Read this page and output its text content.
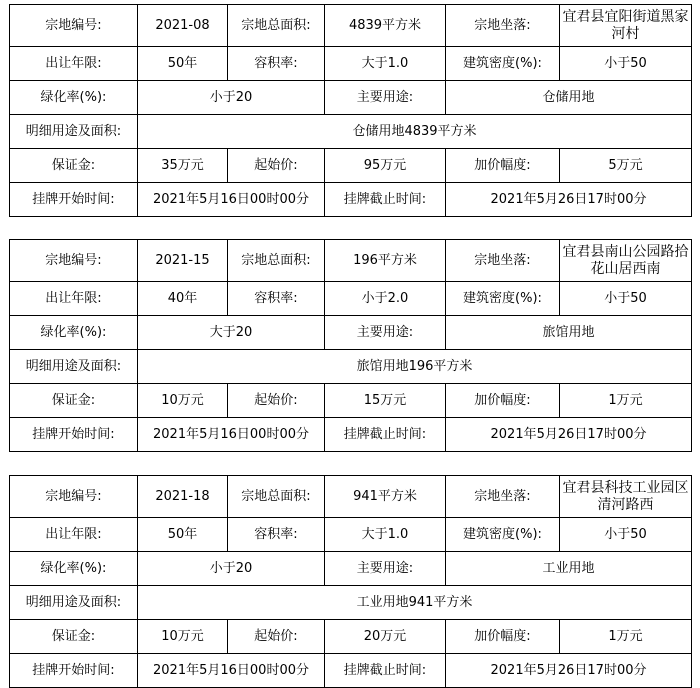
宗地编号:	2021-08	宗地总面积:	4839平方米	宗地坐落:	宜君县宜阳街道黑家河村
出让年限:	50年	容积率:	大于1.0	建筑密度(%):	小于50
绿化率(%):	小于20		主要用途:	仓储用地	
明细用途及面积:	仓储用地4839平方米				
保证金:	35万元	起始价:	95万元	加价幅度:	5万元
挂牌开始时间:	2021年5月16日00时00分		挂牌截止时间:	2021年5月26日17时00分	
宗地编号:	2021-15	宗地总面积:	196平方米	宗地坐落:	宜君县南山公园路拾花山居西南
出让年限:	40年	容积率:	小于2.0	建筑密度(%):	小于50
绿化率(%):	大于20		主要用途:	旅馆用地	
明细用途及面积:	旅馆用地196平方米				
保证金:	10万元	起始价:	15万元	加价幅度:	1万元
挂牌开始时间:	2021年5月16日00时00分		挂牌截止时间:	2021年5月26日17时00分	
宗地编号:	2021-18	宗地总面积:	941平方米	宗地坐落:	宜君县科技工业园区清河路西
出让年限:	50年	容积率:	大于1.0	建筑密度(%):	小于50
绿化率(%):	小于20		主要用途:	工业用地	
明细用途及面积:	工业用地941平方米				
保证金:	10万元	起始价:	20万元	加价幅度:	1万元
挂牌开始时间:	2021年5月16日00时00分		挂牌截止时间:	2021年5月26日17时00分	
